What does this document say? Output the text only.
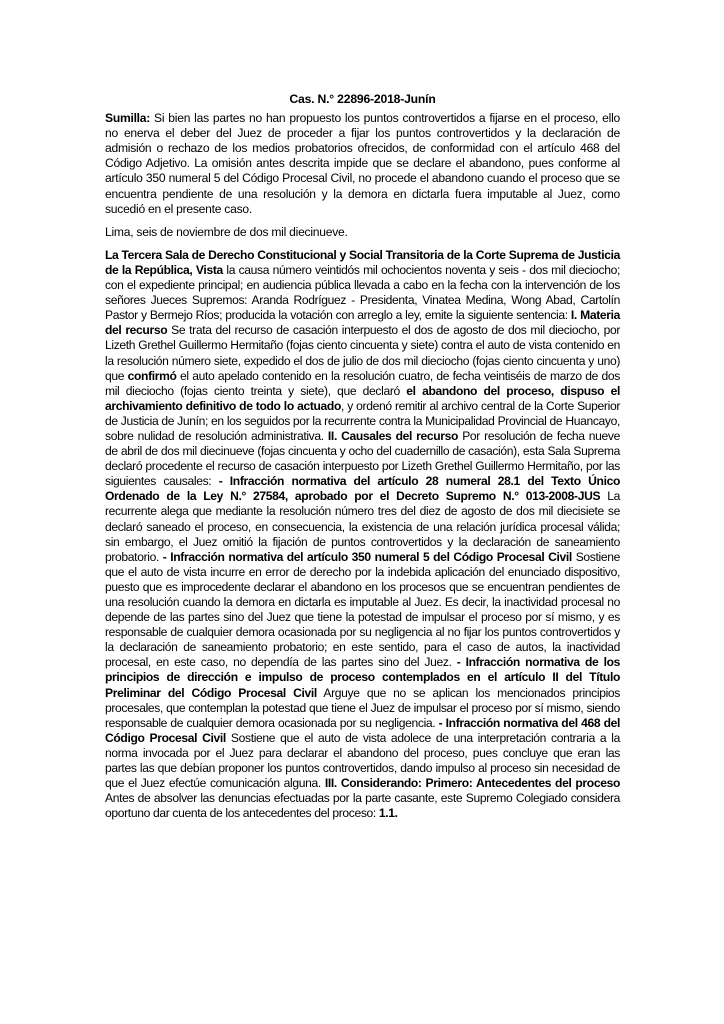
Cas. N.° 22896-2018-Junín

Sumilla: Si bien las partes no han propuesto los puntos controvertidos a fijarse en el proceso, ello no enerva el deber del Juez de proceder a fijar los puntos controvertidos y la declaración de admisión o rechazo de los medios probatorios ofrecidos, de conformidad con el artículo 468 del Código Adjetivo. La omisión antes descrita impide que se declare el abandono, pues conforme al artículo 350 numeral 5 del Código Procesal Civil, no procede el abandono cuando el proceso que se encuentra pendiente de una resolución y la demora en dictarla fuera imputable al Juez, como sucedió en el presente caso.

Lima, seis de noviembre de dos mil diecinueve.

La Tercera Sala de Derecho Constitucional y Social Transitoria de la Corte Suprema de Justicia de la República, Vista la causa número veintidós mil ochocientos noventa y seis - dos mil dieciocho; con el expediente principal; en audiencia pública llevada a cabo en la fecha con la intervención de los señores Jueces Supremos: Aranda Rodríguez - Presidenta, Vinatea Medina, Wong Abad, Cartolín Pastor y Bermejo Ríos; producida la votación con arreglo a ley, emite la siguiente sentencia: I. Materia del recurso Se trata del recurso de casación interpuesto el dos de agosto de dos mil dieciocho, por Lizeth Grethel Guillermo Hermitaño (fojas ciento cincuenta y siete) contra el auto de vista contenido en la resolución número siete, expedido el dos de julio de dos mil dieciocho (fojas ciento cincuenta y uno) que confirmó el auto apelado contenido en la resolución cuatro, de fecha veintiséis de marzo de dos mil dieciocho (fojas ciento treinta y siete), que declaró el abandono del proceso, dispuso el archivamiento definitivo de todo lo actuado, y ordenó remitir al archivo central de la Corte Superior de Justicia de Junín; en los seguidos por la recurrente contra la Municipalidad Provincial de Huancayo, sobre nulidad de resolución administrativa. II. Causales del recurso Por resolución de fecha nueve de abril de dos mil diecinueve (fojas cincuenta y ocho del cuadernillo de casación), esta Sala Suprema declaró procedente el recurso de casación interpuesto por Lizeth Grethel Guillermo Hermitaño, por las siguientes causales: - Infracción normativa del artículo 28 numeral 28.1 del Texto Único Ordenado de la Ley N.° 27584, aprobado por el Decreto Supremo N.° 013-2008-JUS La recurrente alega que mediante la resolución número tres del diez de agosto de dos mil diecisiete se declaró saneado el proceso, en consecuencia, la existencia de una relación jurídica procesal válida; sin embargo, el Juez omitió la fijación de puntos controvertidos y la declaración de saneamiento probatorio. - Infracción normativa del artículo 350 numeral 5 del Código Procesal Civil Sostiene que el auto de vista incurre en error de derecho por la indebida aplicación del enunciado dispositivo, puesto que es improcedente declarar el abandono en los procesos que se encuentran pendientes de una resolución cuando la demora en dictarla es imputable al Juez. Es decir, la inactividad procesal no depende de las partes sino del Juez que tiene la potestad de impulsar el proceso por sí mismo, y es responsable de cualquier demora ocasionada por su negligencia al no fijar los puntos controvertidos y la declaración de saneamiento probatorio; en este sentido, para el caso de autos, la inactividad procesal, en este caso, no dependía de las partes sino del Juez. - Infracción normativa de los principios de dirección e impulso de proceso contemplados en el artículo II del Título Preliminar del Código Procesal Civil Arguye que no se aplican los mencionados principios procesales, que contemplan la potestad que tiene el Juez de impulsar el proceso por sí mismo, siendo responsable de cualquier demora ocasionada por su negligencia. - Infracción normativa del 468 del Código Procesal Civil Sostiene que el auto de vista adolece de una interpretación contraria a la norma invocada por el Juez para declarar el abandono del proceso, pues concluye que eran las partes las que debían proponer los puntos controvertidos, dando impulso al proceso sin necesidad de que el Juez efectúe comunicación alguna. III. Considerando: Primero: Antecedentes del proceso Antes de absolver las denuncias efectuadas por la parte casante, este Supremo Colegiado considera oportuno dar cuenta de los antecedentes del proceso: 1.1.
